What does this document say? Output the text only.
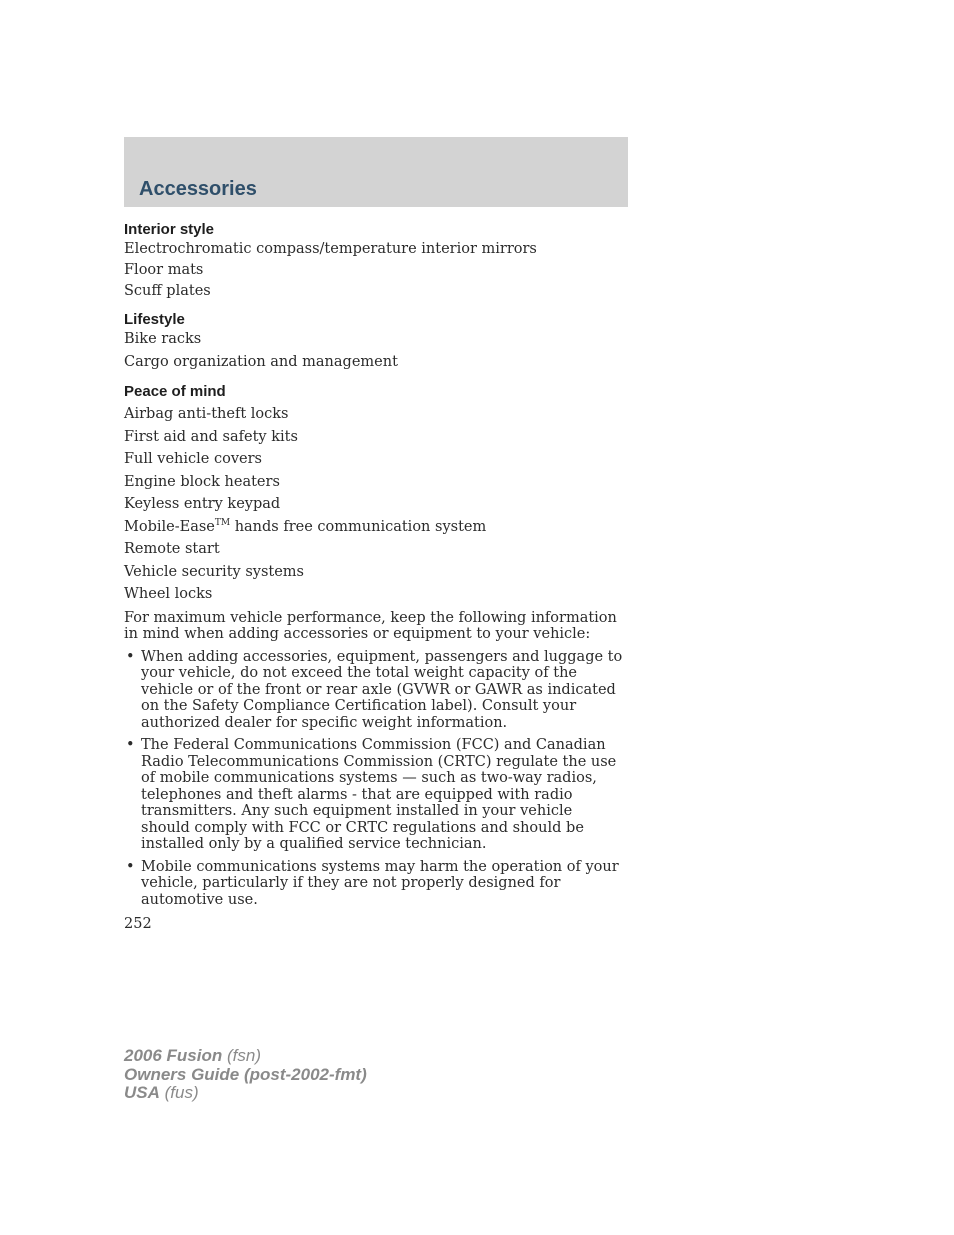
Accessories

Interior style

Electrochromatic compass/temperature interior mirrors

Floor mats

Scuff plates

Lifestyle

Bike racks

Cargo organization and management

Peace of mind

Airbag anti-theft locks

First aid and safety kits

Full vehicle covers

Engine block heaters

Keyless entry keypad

Mobile-Ease™ hands free communication system

Remote start

Vehicle security systems

Wheel locks

For maximum vehicle performance, keep the following information in mind when adding accessories or equipment to your vehicle:

• When adding accessories, equipment, passengers and luggage to your vehicle, do not exceed the total weight capacity of the vehicle or of the front or rear axle (GVWR or GAWR as indicated on the Safety Compliance Certification label). Consult your authorized dealer for specific weight information.
• The Federal Communications Commission (FCC) and Canadian Radio Telecommunications Commission (CRTC) regulate the use of mobile communications systems — such as two-way radios, telephones and theft alarms - that are equipped with radio transmitters. Any such equipment installed in your vehicle should comply with FCC or CRTC regulations and should be installed only by a qualified service technician.
• Mobile communications systems may harm the operation of your vehicle, particularly if they are not properly designed for automotive use.
252
2006 Fusion (fsn)
Owners Guide (post-2002-fmt)
USA (fus)
